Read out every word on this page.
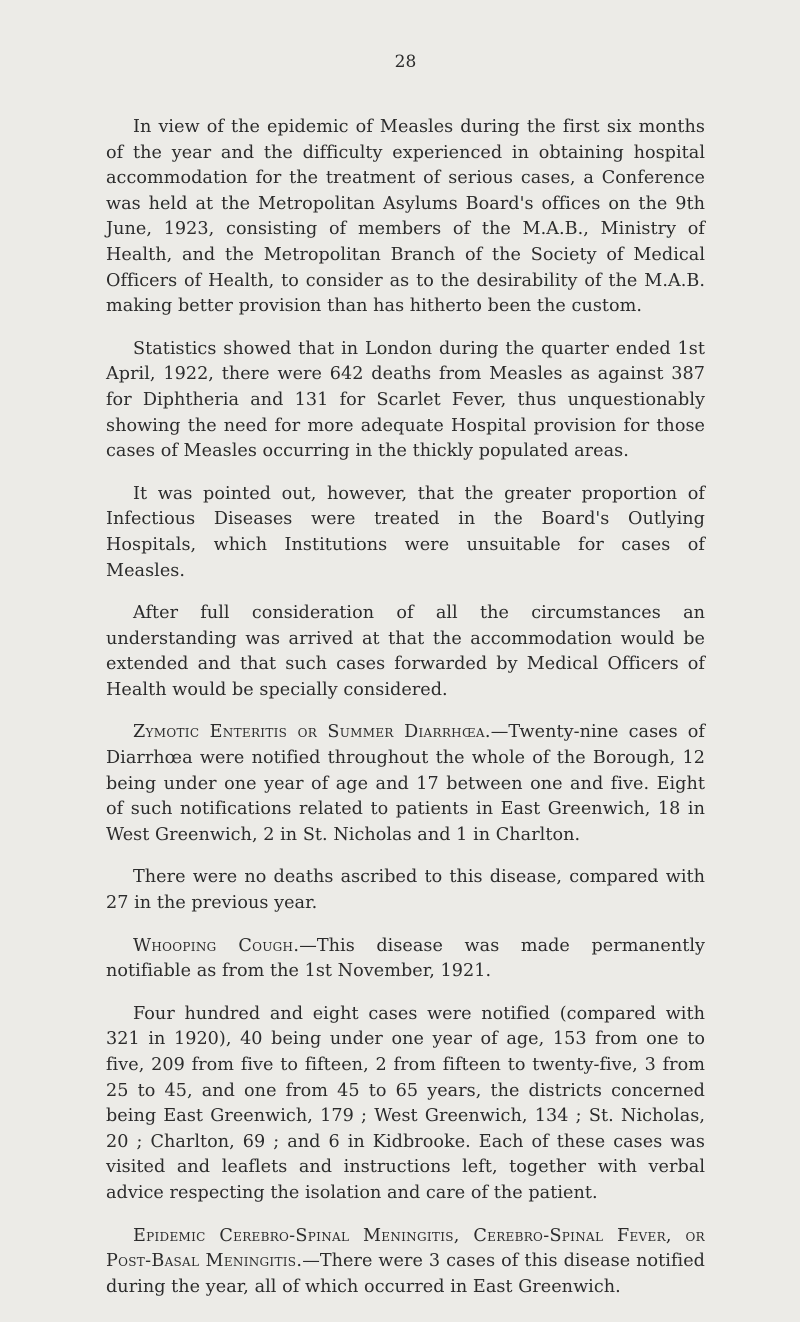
28

In view of the epidemic of Measles during the first six months of the year and the difficulty experienced in obtaining hospital accommodation for the treatment of serious cases, a Conference was held at the Metropolitan Asylums Board's offices on the 9th June, 1923, consisting of members of the M.A.B., Ministry of Health, and the Metropolitan Branch of the Society of Medical Officers of Health, to consider as to the desirability of the M.A.B. making better provision than has hitherto been the custom.

Statistics showed that in London during the quarter ended 1st April, 1922, there were 642 deaths from Measles as against 387 for Diphtheria and 131 for Scarlet Fever, thus unquestionably showing the need for more adequate Hospital provision for those cases of Measles occurring in the thickly populated areas.

It was pointed out, however, that the greater proportion of Infectious Diseases were treated in the Board's Outlying Hospitals, which Institutions were unsuitable for cases of Measles.

After full consideration of all the circumstances an understanding was arrived at that the accommodation would be extended and that such cases forwarded by Medical Officers of Health would be specially considered.

Zymotic Enteritis or Summer Diarrhœa.—Twenty-nine cases of Diarrhœa were notified throughout the whole of the Borough, 12 being under one year of age and 17 between one and five. Eight of such notifications related to patients in East Greenwich, 18 in West Greenwich, 2 in St. Nicholas and 1 in Charlton.

There were no deaths ascribed to this disease, compared with 27 in the previous year.

Whooping Cough.—This disease was made permanently notifiable as from the 1st November, 1921.

Four hundred and eight cases were notified (compared with 321 in 1920), 40 being under one year of age, 153 from one to five, 209 from five to fifteen, 2 from fifteen to twenty-five, 3 from 25 to 45, and one from 45 to 65 years, the districts concerned being East Greenwich, 179 ; West Greenwich, 134 ; St. Nicholas, 20 ; Charlton, 69 ; and 6 in Kidbrooke. Each of these cases was visited and leaflets and instructions left, together with verbal advice respecting the isolation and care of the patient.

Epidemic Cerebro-Spinal Meningitis, Cerebro-Spinal Fever, or Post-Basal Meningitis.—There were 3 cases of this disease notified during the year, all of which occurred in East Greenwich.
